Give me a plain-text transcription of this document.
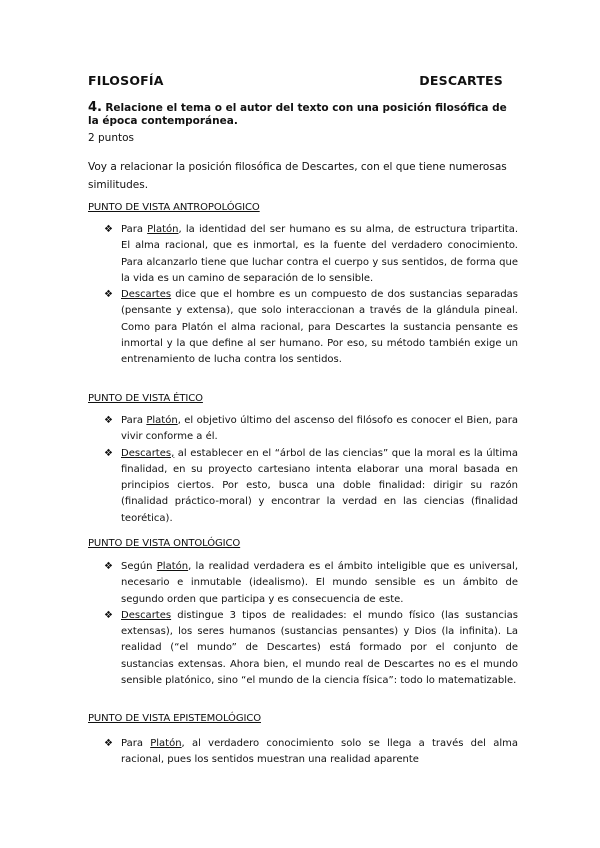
FILOSOFÍA	DESCARTES
4. Relacione el tema o el autor del texto con una posición filosófica de la época contemporánea.
2 puntos
Voy a relacionar la posición filosófica de Descartes, con el que tiene numerosas similitudes.
PUNTO DE VISTA ANTROPOLÓGICO
❖ Para Platón, la identidad del ser humano es su alma, de estructura tripartita. El alma racional, que es inmortal, es la fuente del verdadero conocimiento. Para alcanzarlo tiene que luchar contra el cuerpo y sus sentidos, de forma que la vida es un camino de separación de lo sensible.
❖ Descartes dice que el hombre es un compuesto de dos sustancias separadas (pensante y extensa), que solo interaccionan a través de la glándula pineal. Como para Platón el alma racional, para Descartes la sustancia pensante es inmortal y la que define al ser humano. Por eso, su método también exige un entrenamiento de lucha contra los sentidos.
PUNTO DE VISTA ÉTICO
❖ Para Platón, el objetivo último del ascenso del filósofo es conocer el Bien, para vivir conforme a él.
❖ Descartes, al establecer en el “árbol de las ciencias” que la moral es la última finalidad, en su proyecto cartesiano intenta elaborar una moral basada en principios ciertos. Por esto, busca una doble finalidad: dirigir su razón (finalidad práctico-moral) y encontrar la verdad en las ciencias (finalidad teorética).
PUNTO DE VISTA ONTOLÓGICO
❖ Según Platón, la realidad verdadera es el ámbito inteligible que es universal, necesario e inmutable (idealismo). El mundo sensible es un ámbito de segundo orden que participa y es consecuencia de este.
❖ Descartes distingue 3 tipos de realidades: el mundo físico (las sustancias extensas), los seres humanos (sustancias pensantes) y Dios (la infinita). La realidad (“el mundo” de Descartes) está formado por el conjunto de sustancias extensas. Ahora bien, el mundo real de Descartes no es el mundo sensible platónico, sino “el mundo de la ciencia física”: todo lo matematizable.
PUNTO DE VISTA EPISTEMOLÓGICO
❖ Para Platón, al verdadero conocimiento solo se llega a través del alma racional, pues los sentidos muestran una realidad aparente
